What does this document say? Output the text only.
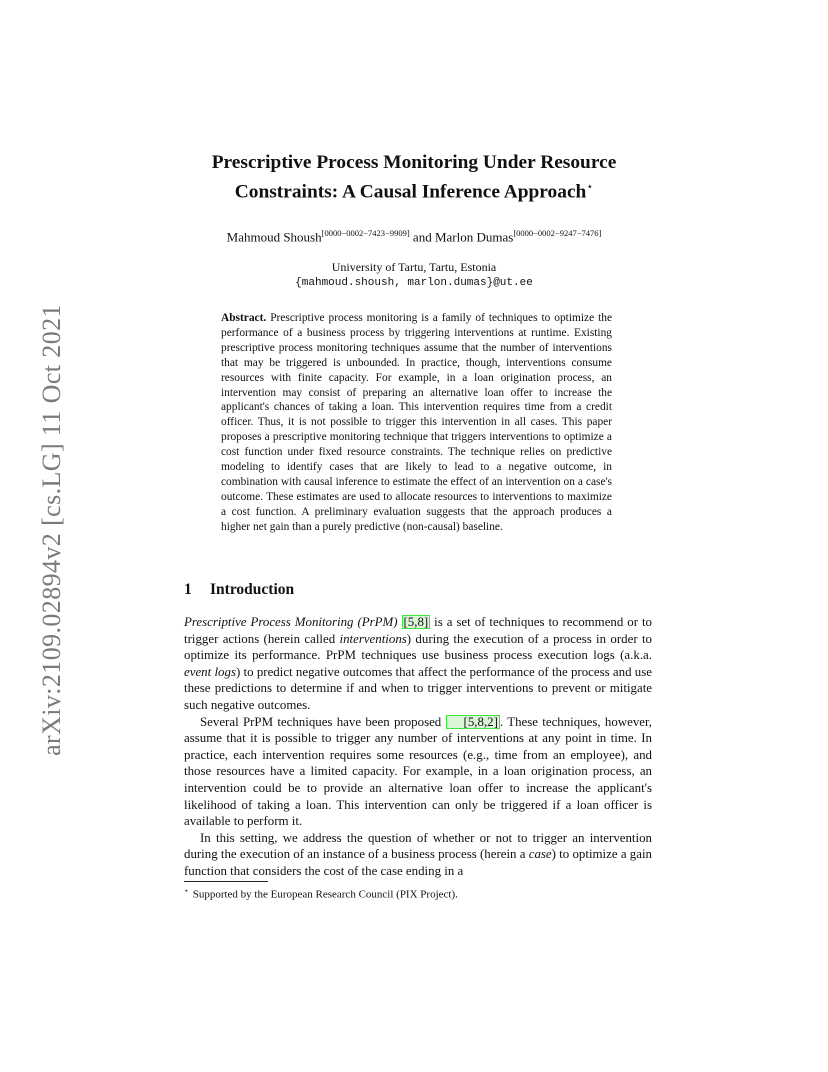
arXiv:2109.02894v2 [cs.LG] 11 Oct 2021
Prescriptive Process Monitoring Under Resource
Constraints: A Causal Inference Approach⋆
Mahmoud Shoush[0000−0002−7423−9909] and Marlon Dumas[0000−0002−9247−7476]
University of Tartu, Tartu, Estonia
{mahmoud.shoush, marlon.dumas}@ut.ee
Abstract. Prescriptive process monitoring is a family of techniques to optimize the performance of a business process by triggering interventions at runtime. Existing prescriptive process monitoring techniques assume that the number of interventions that may be triggered is unbounded. In practice, though, interventions consume resources with finite capacity. For example, in a loan origination process, an intervention may consist of preparing an alternative loan offer to increase the applicant's chances of taking a loan. This intervention requires time from a credit officer. Thus, it is not possible to trigger this intervention in all cases. This paper proposes a prescriptive monitoring technique that triggers interventions to optimize a cost function under fixed resource constraints. The technique relies on predictive modeling to identify cases that are likely to lead to a negative outcome, in combination with causal inference to estimate the effect of an intervention on a case's outcome. These estimates are used to allocate resources to interventions to maximize a cost function. A preliminary evaluation suggests that the approach produces a higher net gain than a purely predictive (non-causal) baseline.
1 Introduction

Prescriptive Process Monitoring (PrPM) [5,8] is a set of techniques to recommend or to trigger actions (herein called interventions) during the execution of a process in order to optimize its performance. PrPM techniques use business process execution logs (a.k.a. event logs) to predict negative outcomes that affect the performance of the process and use these predictions to determine if and when to trigger interventions to prevent or mitigate such negative outcomes.

Several PrPM techniques have been proposed [5,8,2] . These techniques, however, assume that it is possible to trigger any number of interventions at any point in time. In practice, each intervention requires some resources (e.g., time from an employee), and those resources have a limited capacity. For example, in a loan origination process, an intervention could be to provide an alternative loan offer to increase the applicant's likelihood of taking a loan. This intervention can only be triggered if a loan officer is available to perform it.

In this setting, we address the question of whether or not to trigger an intervention during the execution of an instance of a business process (herein a case) to optimize a gain function that considers the cost of the case ending in a

⋆ Supported by the European Research Council (PIX Project).
